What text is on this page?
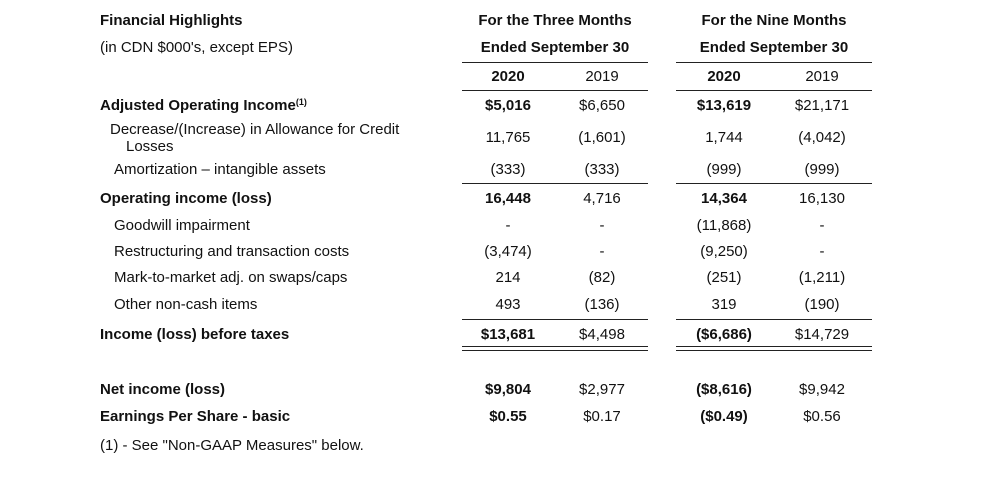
Financial Highlights
(in CDN $000's, except EPS)
For the Three Months
Ended September 30
For the Nine Months
Ended September 30
2020	2019	2020	2019
Adjusted Operating Income$^{(1)}$	$5,016	$6,650	$13,619	$21,171
Decrease/(Increase) in Allowance for Credit
Losses
11,765	(1,601)	1,744	(4,042)
Amortization – intangible assets	(333)	(333)	(999)	(999)
Operating income (loss)	16,448	4,716	14,364	16,130
Goodwill impairment	-	-	(11,868)	-
Restructuring and transaction costs	(3,474)	-	(9,250)	-
Mark-to-market adj. on swaps/caps	214	(82)	(251)	(1,211)
Other non-cash items	493	(136)	319	(190)
Income (loss) before taxes	$13,681	$4,498	($6,686)	$14,729
Net income (loss)	$9,804	$2,977	($8,616)	$9,942
Earnings Per Share - basic	$0.55	$0.17	($0.49)	$0.56
(1) - See "Non-GAAP Measures" below.
